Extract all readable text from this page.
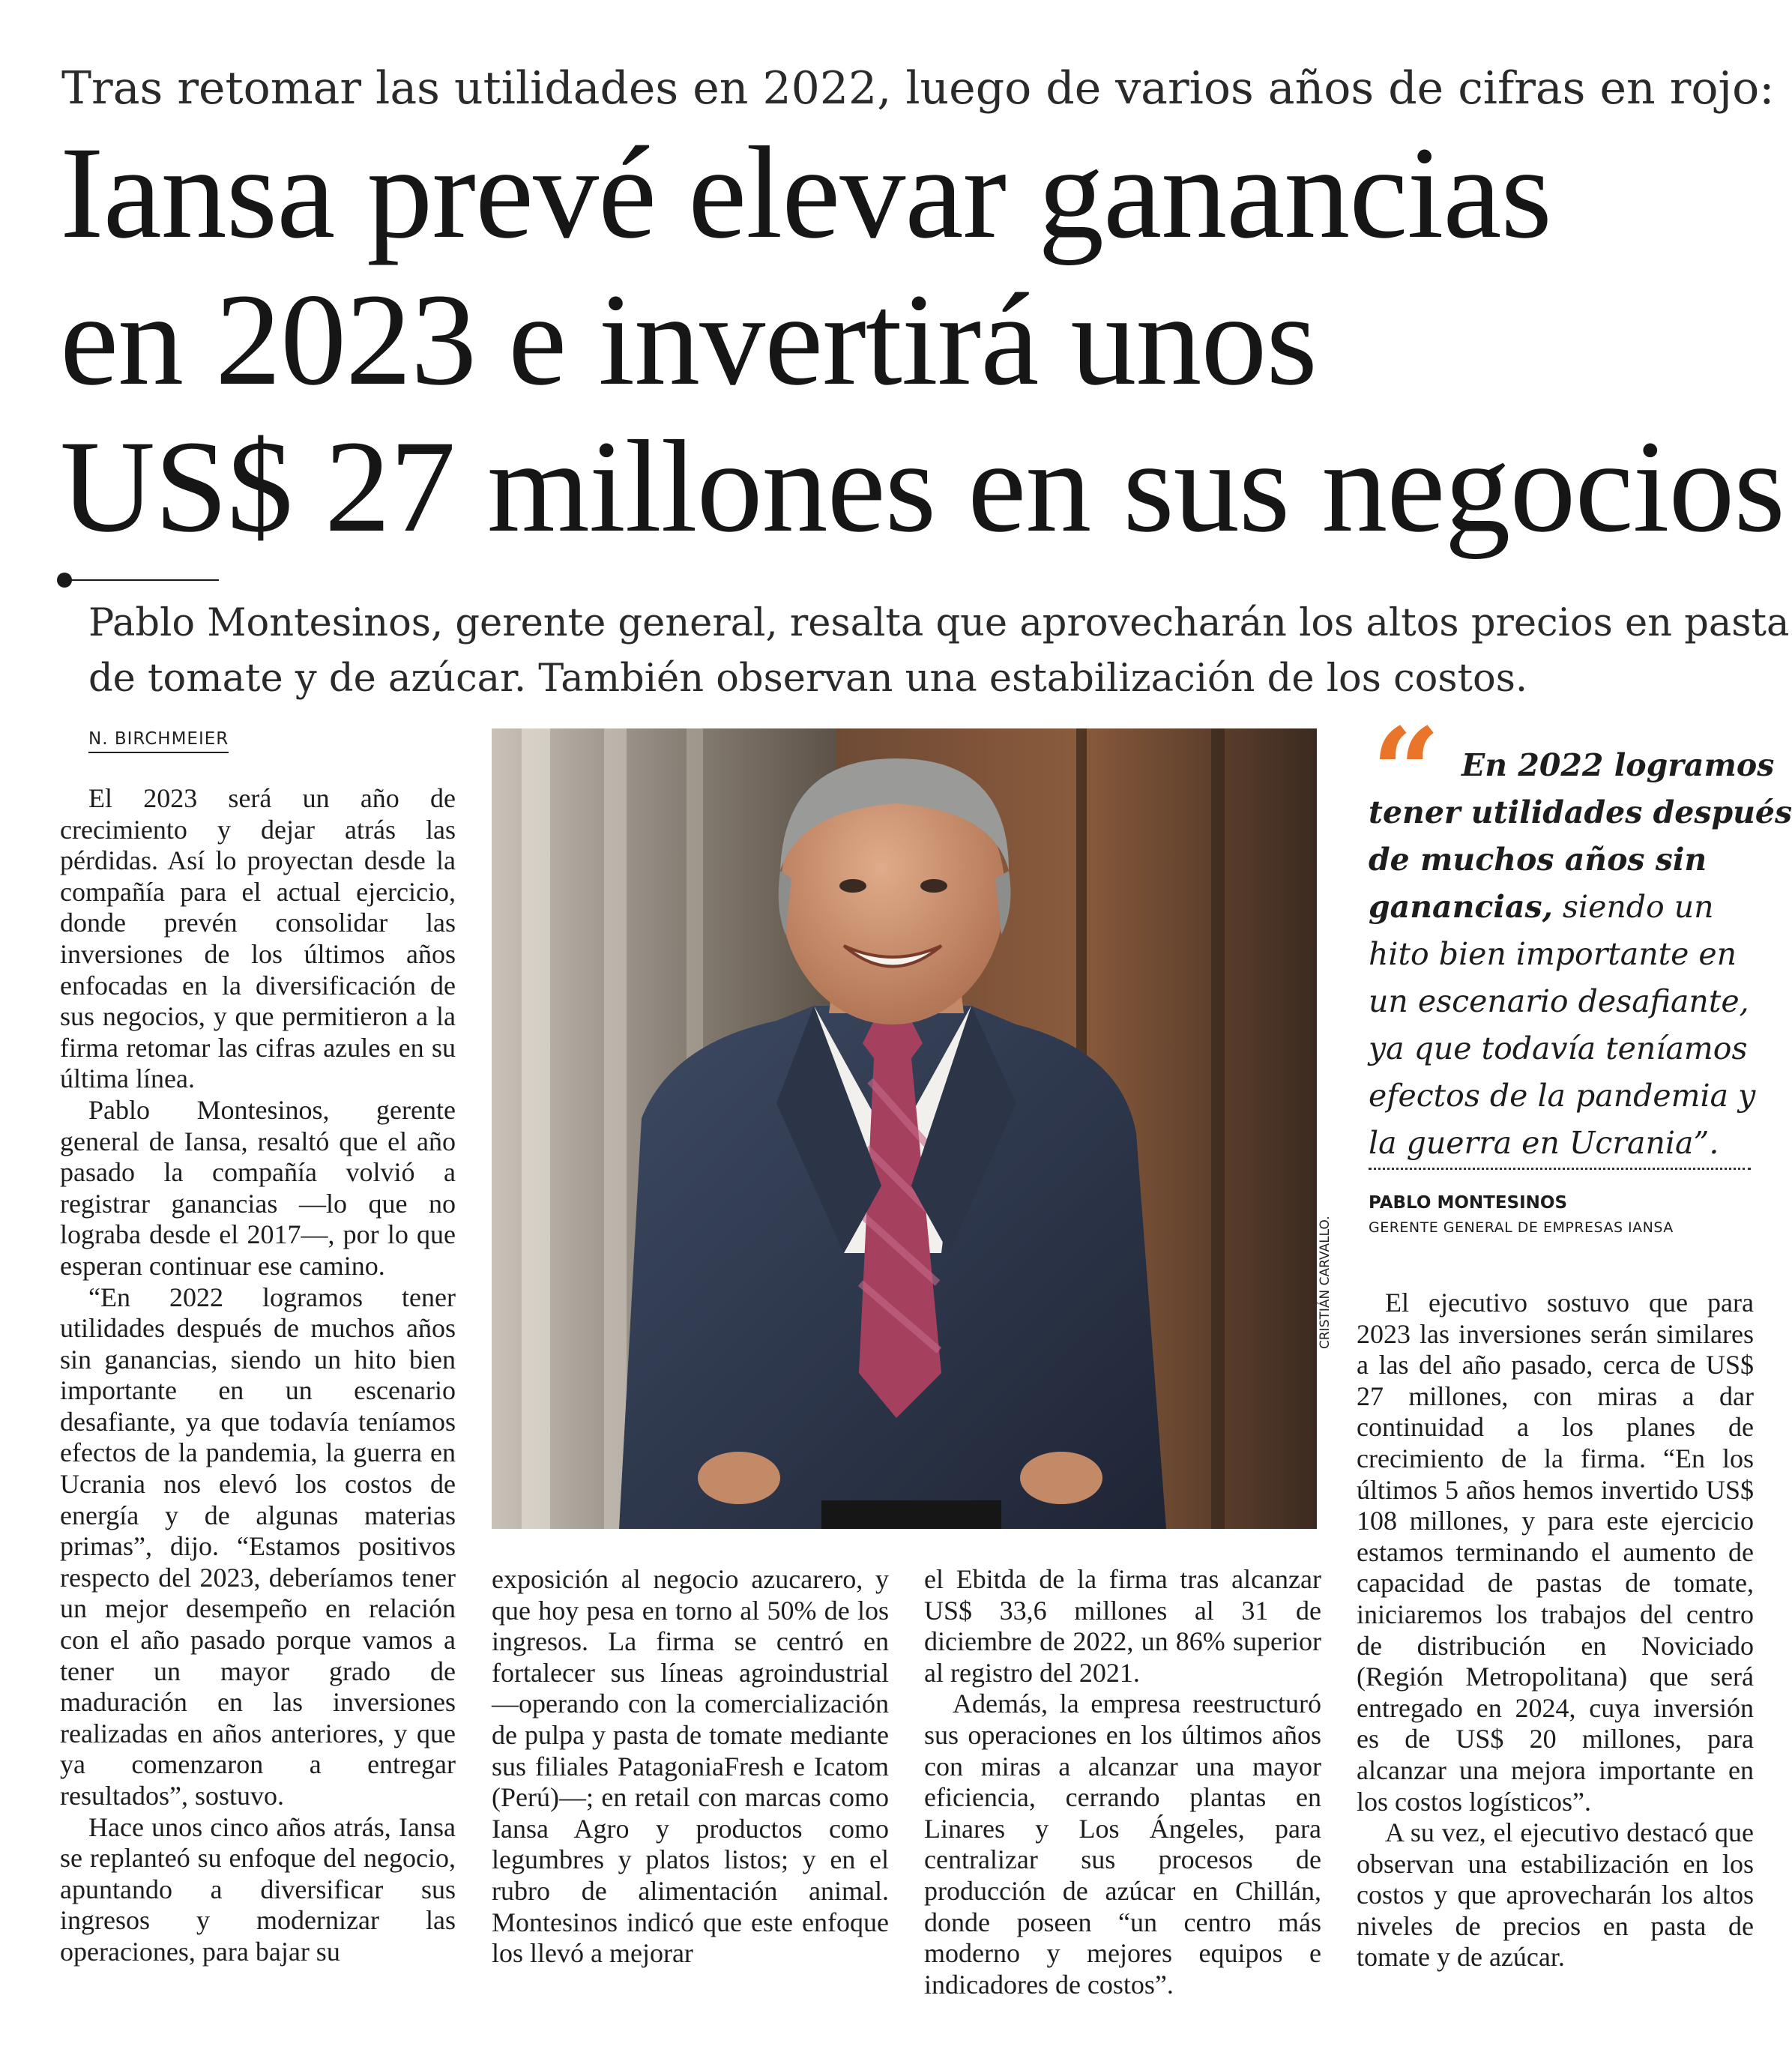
Tras retomar las utilidades en 2022, luego de varios años de cifras en rojo:
Iansa prevé elevar ganancias
en 2023 e invertirá unos
US$ 27 millones en sus negocios
Pablo Montesinos, gerente general, resalta que aprovecharán los altos precios en pasta
de tomate y de azúcar. También observan una estabilización de los costos.
N. BIRCHMEIER

El 2023 será un año de crecimiento y dejar atrás las pérdidas. Así lo proyectan desde la compañía para el actual ejercicio, donde prevén consolidar las inversiones de los últimos años enfocadas en la diversificación de sus negocios, y que permitieron a la firma retomar las cifras azules en su última línea.

Pablo Montesinos, gerente general de Iansa, resaltó que el año pasado la compañía volvió a registrar ganancias —lo que no lograba desde el 2017—, por lo que esperan continuar ese camino.

“En 2022 logramos tener utilidades después de muchos años sin ganancias, siendo un hito bien importante en un escenario desafiante, ya que todavía teníamos efectos de la pandemia, la guerra en Ucrania nos elevó los costos de energía y de algunas materias primas”, dijo. “Estamos positivos respecto del 2023, deberíamos tener un mejor desempeño en relación con el año pasado porque vamos a tener un mayor grado de maduración en las inversiones realizadas en años anteriores, y que ya comenzaron a entregar resultados”, sostuvo.

Hace unos cinco años atrás, Iansa se replanteó su enfoque del negocio, apuntando a diversificar sus ingresos y modernizar las operaciones, para bajar su

CRISTIÁN CARVALLO.
“ En 2022 logramos
tener utilidades después
de muchos años sin
ganancias, siendo un
hito bien importante en
un escenario desafiante,
ya que todavía teníamos
efectos de la pandemia y
la guerra en Ucrania”.
PABLO MONTESINOS
GERENTE GENERAL DE EMPRESAS IANSA

exposición al negocio azucarero, y que hoy pesa en torno al 50% de los ingresos. La firma se centró en fortalecer sus líneas agroindustrial —operando con la comercialización de pulpa y pasta de tomate mediante sus filiales PatagoniaFresh e Icatom (Perú)—; en retail con marcas como Iansa Agro y productos como legumbres y platos listos; y en el rubro de alimentación animal. Montesinos indicó que este enfoque los llevó a mejorar

el Ebitda de la firma tras alcanzar US$ 33,6 millones al 31 de diciembre de 2022, un 86% superior al registro del 2021.

Además, la empresa reestructuró sus operaciones en los últimos años con miras a alcanzar una mayor eficiencia, cerrando plantas en Linares y Los Ángeles, para centralizar sus procesos de producción de azúcar en Chillán, donde poseen “un centro más moderno y mejores equipos e indicadores de costos”.

El ejecutivo sostuvo que para 2023 las inversiones serán similares a las del año pasado, cerca de US$ 27 millones, con miras a dar continuidad a los planes de crecimiento de la firma. “En los últimos 5 años hemos invertido US$ 108 millones, y para este ejercicio estamos terminando el aumento de capacidad de pastas de tomate, iniciaremos los trabajos del centro de distribución en Noviciado (Región Metropolitana) que será entregado en 2024, cuya inversión es de US$ 20 millones, para alcanzar una mejora importante en los costos logísticos”.

A su vez, el ejecutivo destacó que observan una estabilización en los costos y que aprovecharán los altos niveles de precios en pasta de tomate y de azúcar.
